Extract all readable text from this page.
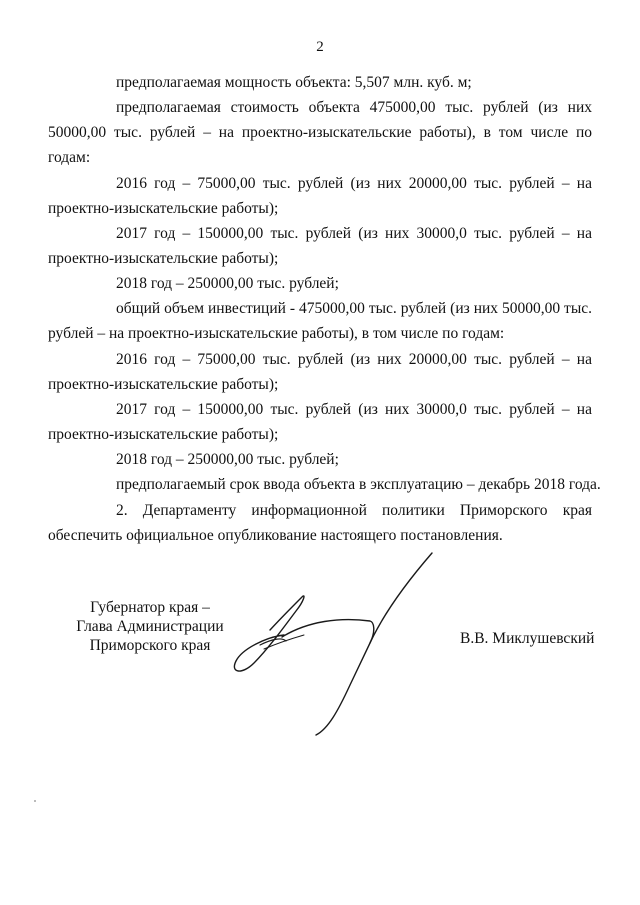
2
предполагаемая мощность объекта: 5,507 млн. куб. м;
предполагаемая стоимость объекта 475000,00 тыс. рублей (из них
50000,00 тыс. рублей – на проектно-изыскательские работы), в том числе по
годам:
2016 год – 75000,00 тыс. рублей (из них 20000,00 тыс. рублей – на
проектно-изыскательские работы);
2017 год – 150000,00 тыс. рублей (из них 30000,0 тыс. рублей – на
проектно-изыскательские работы);
2018 год – 250000,00 тыс. рублей;
общий объем инвестиций - 475000,00 тыс. рублей (из них 50000,00 тыс.
рублей – на проектно-изыскательские работы), в том числе по годам:
2016 год – 75000,00 тыс. рублей (из них 20000,00 тыс. рублей – на
проектно-изыскательские работы);
2017 год – 150000,00 тыс. рублей (из них 30000,0 тыс. рублей – на
проектно-изыскательские работы);
2018 год – 250000,00 тыс. рублей;
предполагаемый срок ввода объекта в эксплуатацию – декабрь 2018 года.
2. Департаменту информационной политики Приморского края
обеспечить официальное опубликование настоящего постановления.
Губернатор края –
Глава Администрации
Приморского края	В.В. Миклушевский
